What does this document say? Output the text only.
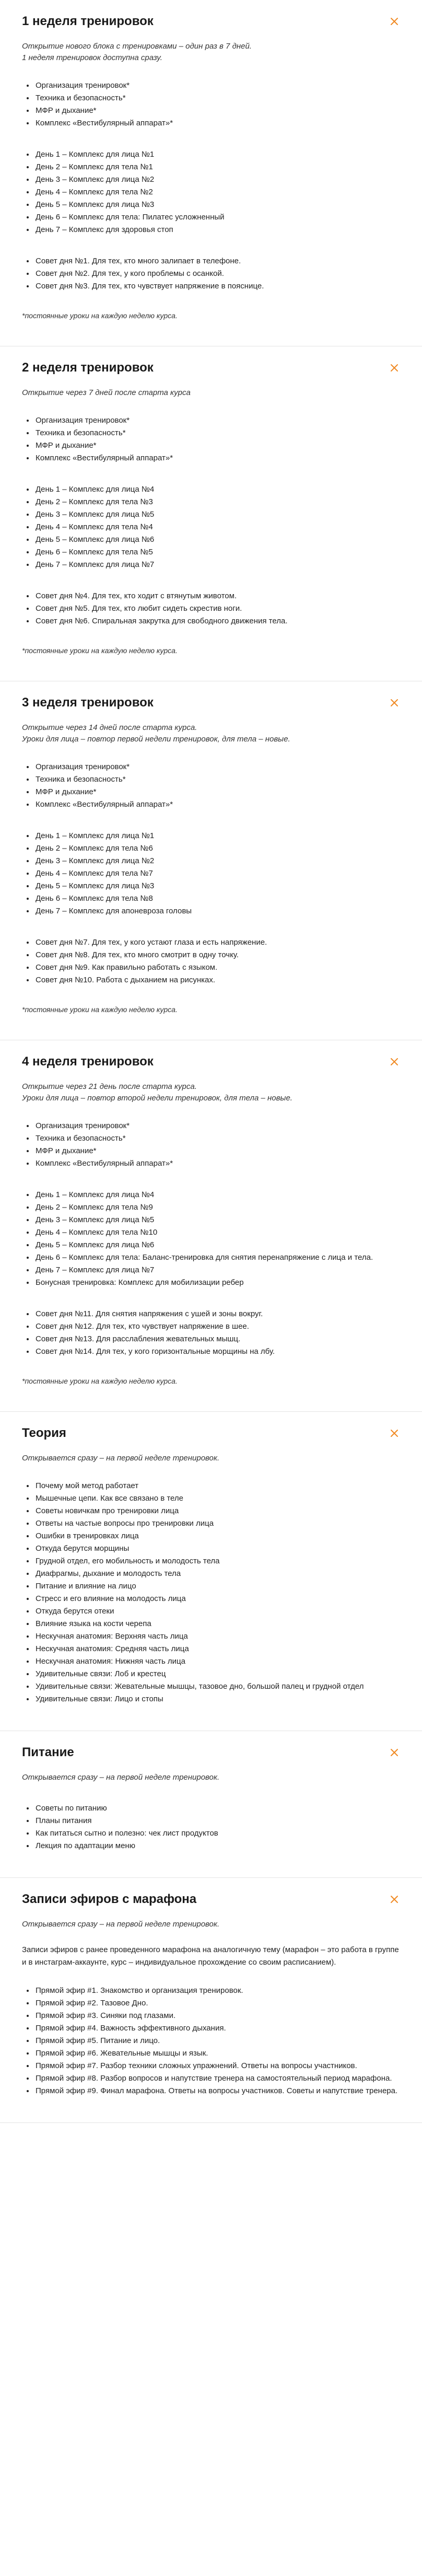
1 неделя тренировок
Открытие нового блока с тренировками – один раз в 7 дней.
1 неделя тренировок доступна сразу.
• Организация тренировок*
• Техника и безопасность*
• МФР и дыхание*
• Комплекс «Вестибулярный аппарат»*
• День 1 – Комплекс для лица №1
• День 2 – Комплекс для тела №1
• День 3 – Комплекс для лица №2
• День 4 – Комплекс для тела №2
• День 5 – Комплекс для лица №3
• День 6 – Комплекс для тела: Пилатес усложненный
• День 7 – Комплекс для здоровья стоп
• Совет дня №1. Для тех, кто много залипает в телефоне.
• Совет дня №2. Для тех, у кого проблемы с осанкой.
• Совет дня №3. Для тех, кто чувствует напряжение в пояснице.
*постоянные уроки на каждую неделю курса.
2 неделя тренировок
Открытие через 7 дней после старта курса
• Организация тренировок*
• Техника и безопасность*
• МФР и дыхание*
• Комплекс «Вестибулярный аппарат»*
• День 1 – Комплекс для лица №4
• День 2 – Комплекс для тела №3
• День 3 – Комплекс для лица №5
• День 4 – Комплекс для тела №4
• День 5 – Комплекс для лица №6
• День 6 – Комплекс для тела №5
• День 7 – Комплекс для лица №7
• Совет дня №4. Для тех, кто ходит с втянутым животом.
• Совет дня №5. Для тех, кто любит сидеть скрестив ноги.
• Совет дня №6. Спиральная закрутка для свободного движения тела.
*постоянные уроки на каждую неделю курса.
3 неделя тренировок
Открытие через 14 дней после старта курса.
Уроки для лица – повтор первой недели тренировок, для тела – новые.
• Организация тренировок*
• Техника и безопасность*
• МФР и дыхание*
• Комплекс «Вестибулярный аппарат»*
• День 1 – Комплекс для лица №1
• День 2 – Комплекс для тела №6
• День 3 – Комплекс для лица №2
• День 4 – Комплекс для тела №7
• День 5 – Комплекс для лица №3
• День 6 – Комплекс для тела №8
• День 7 – Комплекс для апоневроза головы
• Совет дня №7. Для тех, у кого устают глаза и есть напряжение.
• Совет дня №8. Для тех, кто много смотрит в одну точку.
• Совет дня №9. Как правильно работать с языком.
• Совет дня №10. Работа с дыханием на рисунках.
*постоянные уроки на каждую неделю курса.
4 неделя тренировок
Открытие через 21 день после старта курса.
Уроки для лица – повтор второй недели тренировок, для тела – новые.
• Организация тренировок*
• Техника и безопасность*
• МФР и дыхание*
• Комплекс «Вестибулярный аппарат»*
• День 1 – Комплекс для лица №4
• День 2 – Комплекс для тела №9
• День 3 – Комплекс для лица №5
• День 4 – Комплекс для тела №10
• День 5 – Комплекс для лица №6
• День 6 – Комплекс для тела: Баланс-тренировка для снятия перенапряжение с лица и тела.
• День 7 – Комплекс для лица №7
• Бонусная тренировка: Комплекс для мобилизации ребер
• Совет дня №11. Для снятия напряжения с ушей и зоны вокруг.
• Совет дня №12. Для тех, кто чувствует напряжение в шее.
• Совет дня №13. Для расслабления жевательных мышц.
• Совет дня №14. Для тех, у кого горизонтальные морщины на лбу.
*постоянные уроки на каждую неделю курса.
Теория
Открывается сразу – на первой неделе тренировок.
• Почему мой метод работает
• Мышечные цепи. Как все связано в теле
• Советы новичкам про тренировки лица
• Ответы на частые вопросы про тренировки лица
• Ошибки в тренировках лица
• Откуда берутся морщины
• Грудной отдел, его мобильность и молодость тела
• Диафрагмы, дыхание и молодость тела
• Питание и влияние на лицо
• Стресс и его влияние на молодость лица
• Откуда берутся отеки
• Влияние языка на кости черепа
• Нескучная анатомия: Верхняя часть лица
• Нескучная анатомия: Средняя часть лица
• Нескучная анатомия: Нижняя часть лица
• Удивительные связи: Лоб и крестец
• Удивительные связи: Жевательные мышцы, тазовое дно, большой палец и грудной отдел
• Удивительные связи: Лицо и стопы
Питание
Открывается сразу – на первой неделе тренировок.
• Советы по питанию
• Планы питания
• Как питаться сытно и полезно: чек лист продуктов
• Лекция по адаптации меню
Записи эфиров с марафона
Открывается сразу – на первой неделе тренировок.

Записи эфиров с ранее проведенного марафона на аналогичную тему (марафон – это работа в группе и в инстаграм-аккаунте, курс – индивидуальное прохождение со своим расписанием).

• Прямой эфир #1. Знакомство и организация тренировок.
• Прямой эфир #2. Тазовое Дно.
• Прямой эфир #3. Синяки под глазами.
• Прямой эфир #4. Важность эффективного дыхания.
• Прямой эфир #5. Питание и лицо.
• Прямой эфир #6. Жевательные мышцы и язык.
• Прямой эфир #7. Разбор техники сложных упражнений. Ответы на вопросы участников.
• Прямой эфир #8. Разбор вопросов и напутствие тренера на самостоятельный период марафона.
• Прямой эфир #9. Финал марафона. Ответы на вопросы участников. Советы и напутствие тренера.
